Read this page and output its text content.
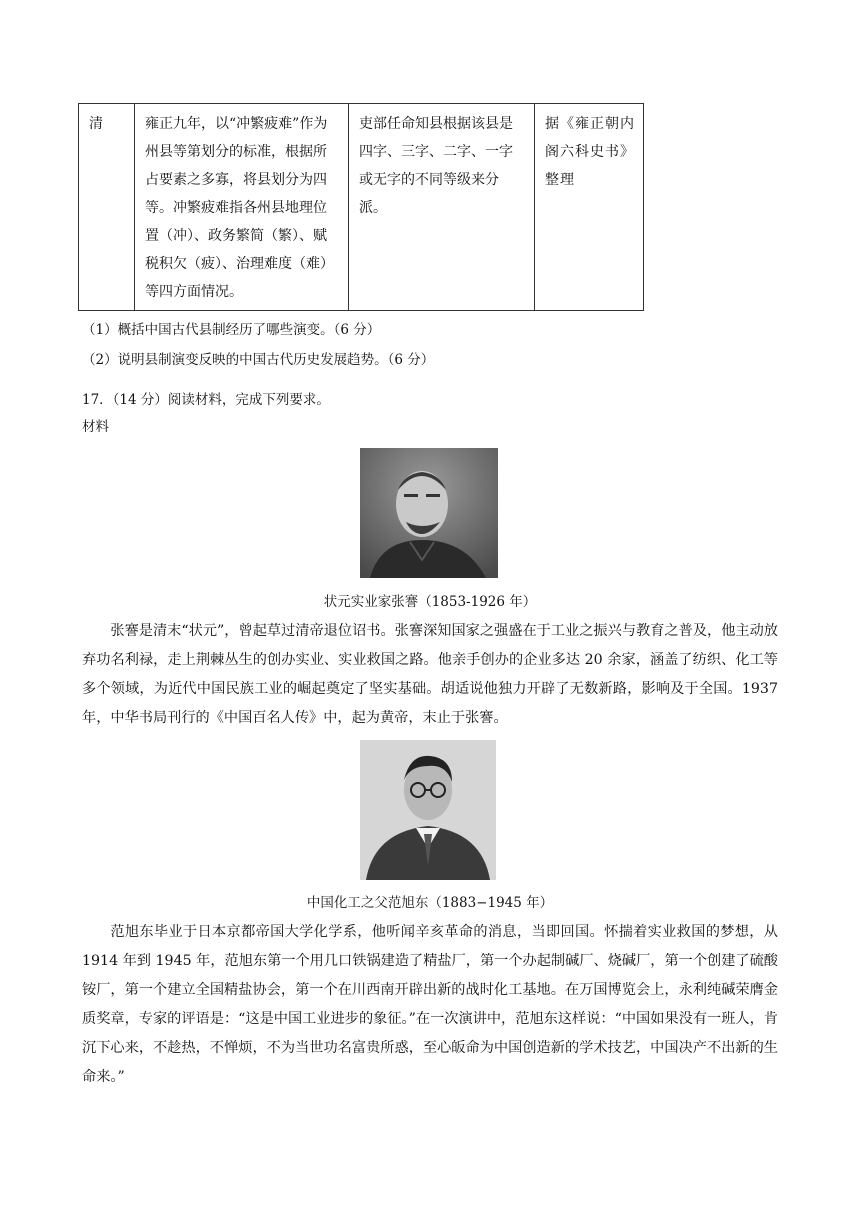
清	雍正九年，以“冲繁疲难”作为州县等第划分的标准，根据所占要素之多寡，将县划分为四等。冲繁疲难指各州县地理位置（冲）、政务繁简（繁）、赋税积欠（疲）、治理难度（难）等四方面情况。	吏部任命知县根据该县是四字、三字、二字、一字或无字的不同等级来分派。	据《雍正朝内阁六科史书》整理
（1）概括中国古代县制经历了哪些演变。（6 分）
（2）说明县制演变反映的中国古代历史发展趋势。（6 分）
17．（14 分）阅读材料，完成下列要求。
材料
状元实业家张謇（1853-1926 年）
张謇是清末“状元”，曾起草过清帝退位诏书。张謇深知国家之强盛在于工业之振兴与教育之普及，他主动放弃功名利禄，走上荆棘丛生的创办实业、实业救国之路。他亲手创办的企业多达 20 余家，涵盖了纺织、化工等多个领域，为近代中国民族工业的崛起奠定了坚实基础。胡适说他独力开辟了无数新路，影响及于全国。1937 年，中华书局刊行的《中国百名人传》中，起为黄帝，末止于张謇。
中国化工之父范旭东（1883−1945 年）
范旭东毕业于日本京都帝国大学化学系，他听闻辛亥革命的消息，当即回国。怀揣着实业救国的梦想，从 1914 年到 1945 年，范旭东第一个用几口铁锅建造了精盐厂，第一个办起制碱厂、烧碱厂，第一个创建了硫酸铵厂，第一个建立全国精盐协会，第一个在川西南开辟出新的战时化工基地。在万国博览会上，永利纯碱荣膺金质奖章，专家的评语是：“这是中国工业进步的象征。”在一次演讲中，范旭东这样说：“中国如果没有一班人，肯沉下心来，不趁热，不惮烦，不为当世功名富贵所惑，至心皈命为中国创造新的学术技艺，中国决产不出新的生命来。”
